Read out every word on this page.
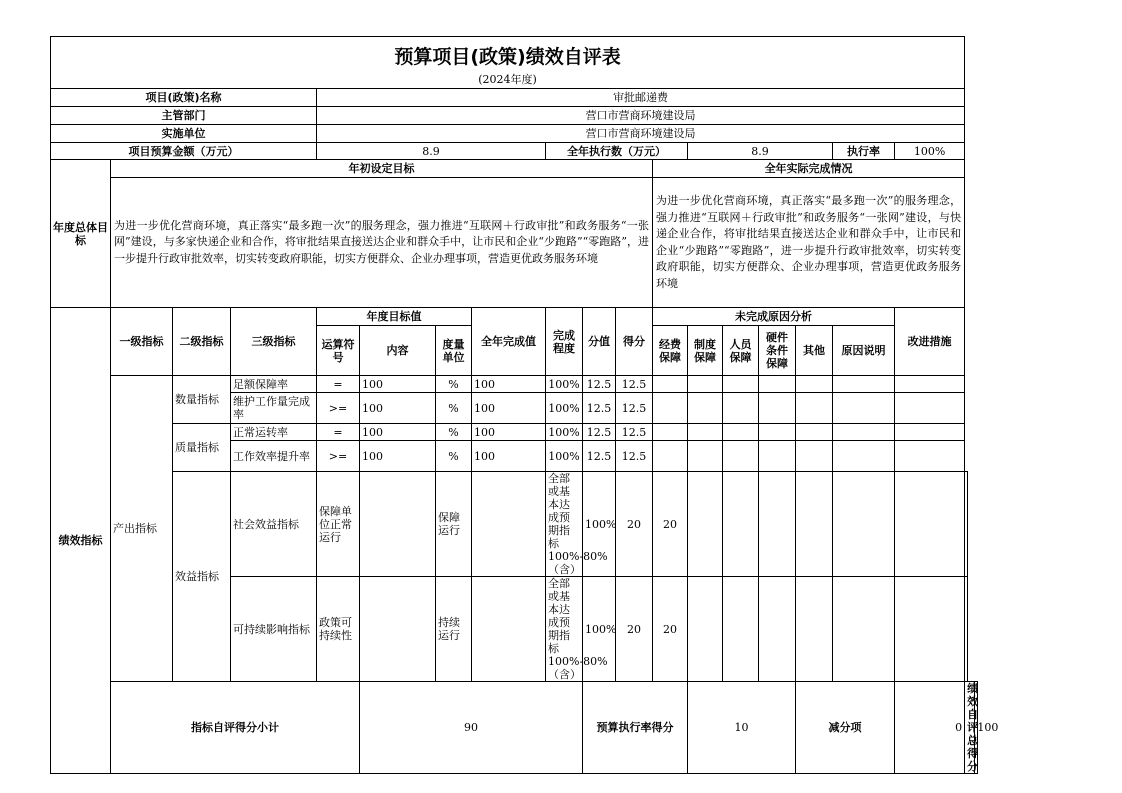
预算项目(政策)绩效自评表																			

(2024年度)																			
项目(政策)名称				审批邮递费															
主管部门				营口市营商环境建设局															
实施单位				营口市营商环境建设局															
项目预算金额（万元）				8.9				全年执行数（万元）				8.9				执行率	100%		
年度总体目标	年初设定目标										全年实际完成情况								
	为进一步优化营商环境，真正落实“最多跑一次”的服务理念，强力推进“互联网＋行政审批”和政务服务“一张网”建设，与多家快递企业和合作，将审批结果直接送达企业和群众手中，让市民和企业“少跑路”“零跑路”，进一步提升行政审批效率，切实转变政府职能，切实方便群众、企业办理事项，营造更优政务服务环境										为进一步优化营商环境，真正落实“最多跑一次”的服务理念，强力推进“互联网＋行政审批”和政务服务“一张网”建设，与快递企业合作，将审批结果直接送达企业和群众手中，让市民和企业“少跑路”“零跑路”，进一步提升行政审批效率，切实转变政府职能，切实方便群众、企业办理事项，营造更优政务服务环境								
绩效指标	一级指标	二级指标	三级指标	年度目标值			全年完成值	完成程度	分值	得分	未完成原因分析						改进措施		
				运算符号	内容	度量单位					经费保障	制度保障	人员保障	硬件条件保障	其他	原因说明			
	产出指标	数量指标	足额保障率	=	100	%	100	100%	12.5	12.5									
			维护工作量完成率	>=	100	%	100	100%	12.5	12.5									
		质量指标	正常运转率	=	100	%	100	100%	12.5	12.5									
			工作效率提升率	>=	100	%	100	100%	12.5	12.5									
		效益指标	社会效益指标	保障单位正常运行		保障运行		全部或基本达成预期指标100%-80%（含）	100%	20	20								
			可持续影响指标	政策可持续性		持续运行		全部或基本达成预期指标100%-80%（含）	100%	20	20								
	指标自评得分小计				90				预算执行率得分			10			减分项		0	绩效自评总得分	100
